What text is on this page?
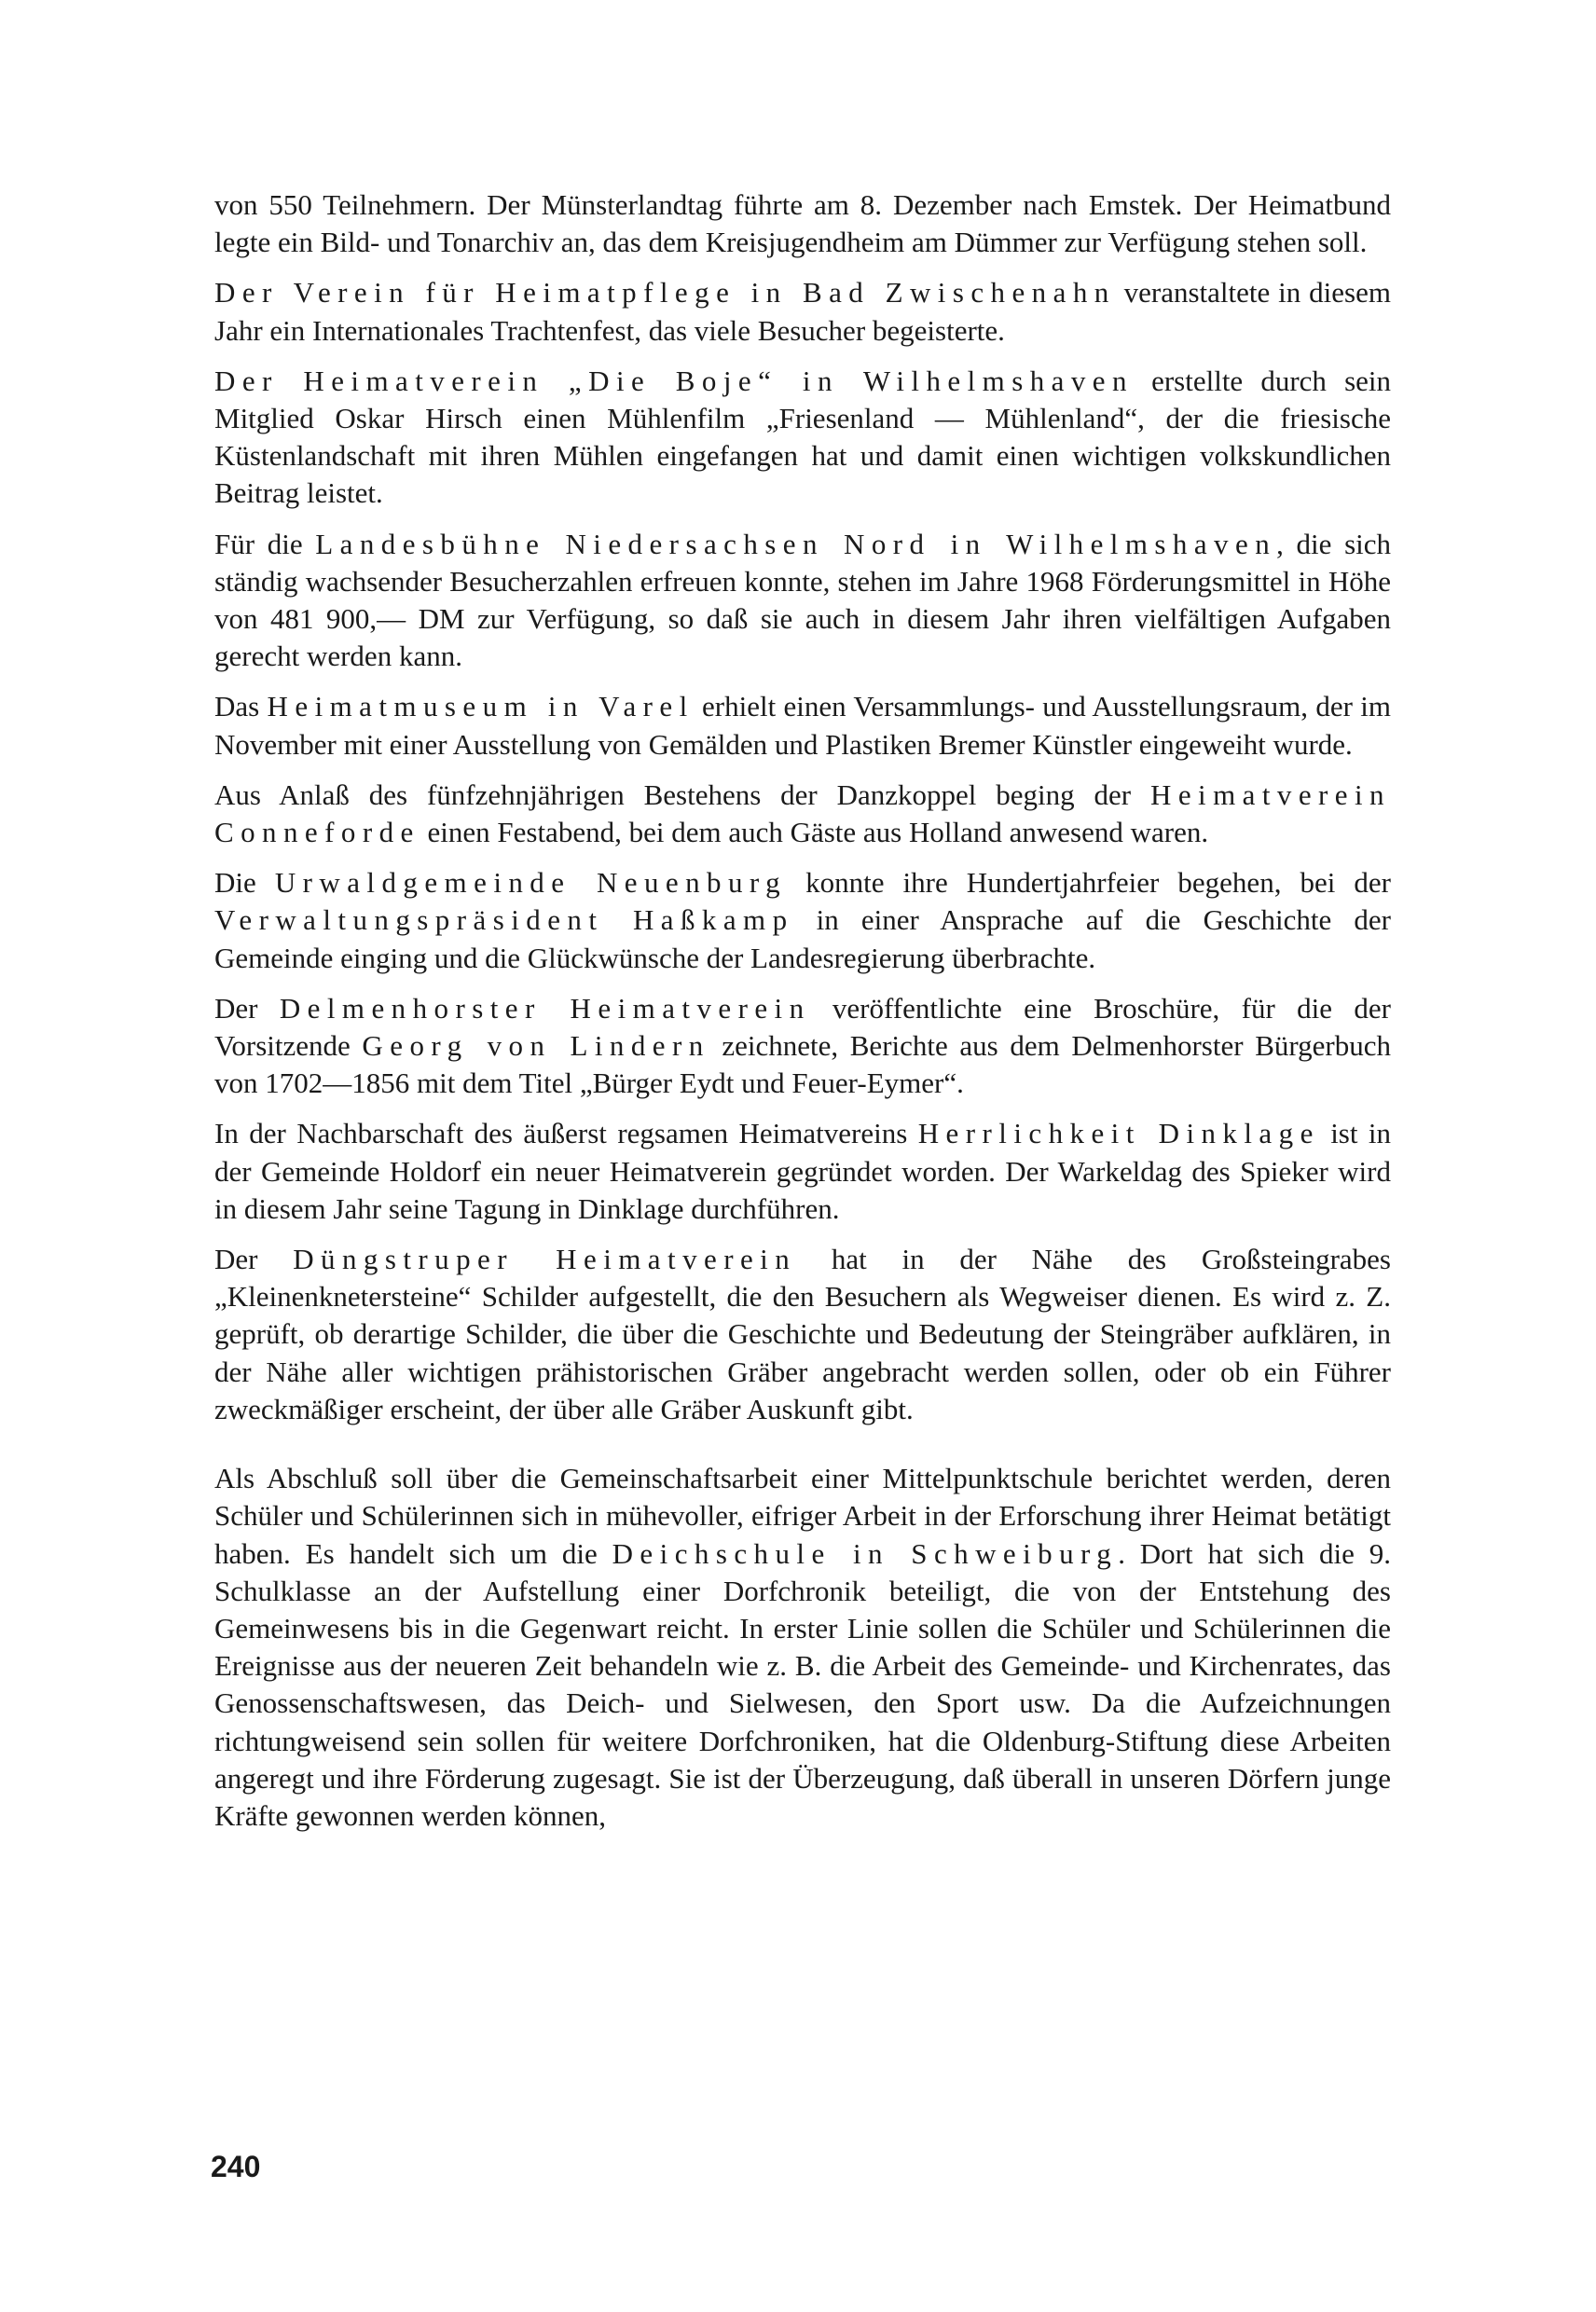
von 550 Teilnehmern. Der Münsterlandtag führte am 8. Dezember nach Emstek. Der Heimatbund legte ein Bild- und Tonarchiv an, das dem Kreisjugendheim am Dümmer zur Verfügung stehen soll.

Der Verein für Heimatpflege in Bad Zwischenahn veranstaltete in diesem Jahr ein Internationales Trachtenfest, das viele Besucher begeisterte.

Der Heimatverein „Die Boje“ in Wilhelmshaven erstellte durch sein Mitglied Oskar Hirsch einen Mühlenfilm „Friesenland — Mühlenland“, der die friesische Küstenlandschaft mit ihren Mühlen eingefangen hat und damit einen wichtigen volkskundlichen Beitrag leistet.

Für die Landesbühne Niedersachsen Nord in Wilhelmshaven, die sich ständig wachsender Besucherzahlen erfreuen konnte, stehen im Jahre 1968 Förderungsmittel in Höhe von 481 900,— DM zur Verfügung, so daß sie auch in diesem Jahr ihren vielfältigen Aufgaben gerecht werden kann.

Das Heimatmuseum in Varel erhielt einen Versammlungs- und Ausstellungsraum, der im November mit einer Ausstellung von Gemälden und Plastiken Bremer Künstler eingeweiht wurde.

Aus Anlaß des fünfzehnjährigen Bestehens der Danzkoppel beging der Heimatverein Conneforde einen Festabend, bei dem auch Gäste aus Holland anwesend waren.

Die Urwaldgemeinde Neuenburg konnte ihre Hundertjahrfeier begehen, bei der Verwaltungspräsident Haßkamp in einer Ansprache auf die Geschichte der Gemeinde einging und die Glückwünsche der Landesregierung überbrachte.

Der Delmenhorster Heimatverein veröffentlichte eine Broschüre, für die der Vorsitzende Georg von Lindern zeichnete, Berichte aus dem Delmenhorster Bürgerbuch von 1702—1856 mit dem Titel „Bürger Eydt und Feuer-Eymer“.

In der Nachbarschaft des äußerst regsamen Heimatvereins Herrlichkeit Dinklage ist in der Gemeinde Holdorf ein neuer Heimatverein gegründet worden. Der Warkeldag des Spieker wird in diesem Jahr seine Tagung in Dinklage durchführen.

Der Düngstruper Heimatverein hat in der Nähe des Großsteingrabes „Kleinenknetersteine“ Schilder aufgestellt, die den Besuchern als Wegweiser dienen. Es wird z. Z. geprüft, ob derartige Schilder, die über die Geschichte und Bedeutung der Steingräber aufklären, in der Nähe aller wichtigen prähistorischen Gräber angebracht werden sollen, oder ob ein Führer zweckmäßiger erscheint, der über alle Gräber Auskunft gibt.

Als Abschluß soll über die Gemeinschaftsarbeit einer Mittelpunktschule berichtet werden, deren Schüler und Schülerinnen sich in mühevoller, eifriger Arbeit in der Erforschung ihrer Heimat betätigt haben. Es handelt sich um die Deichschule in Schweiburg. Dort hat sich die 9. Schulklasse an der Aufstellung einer Dorfchronik beteiligt, die von der Entstehung des Gemeinwesens bis in die Gegenwart reicht. In erster Linie sollen die Schüler und Schülerinnen die Ereignisse aus der neueren Zeit behandeln wie z. B. die Arbeit des Gemeinde- und Kirchenrates, das Genossenschaftswesen, das Deich- und Sielwesen, den Sport usw. Da die Aufzeichnungen richtungweisend sein sollen für weitere Dorfchroniken, hat die Oldenburg-Stiftung diese Arbeiten angeregt und ihre Förderung zugesagt. Sie ist der Überzeugung, daß überall in unseren Dörfern junge Kräfte gewonnen werden können,

240
